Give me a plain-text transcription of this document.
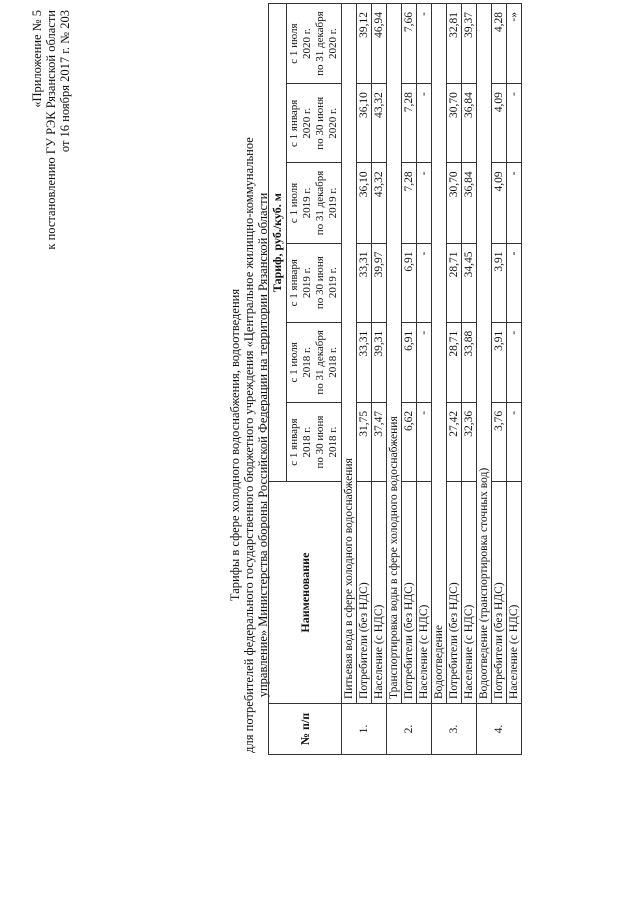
«Приложение № 5 к постановлению ГУ РЭК Рязанской области от 16 ноября 2017 г. № 203
Тарифы в сфере холодного водоснабжения, водоотведения для потребителей федерального государственного бюджетного учреждения «Центральное жилищно-коммунальное управление» Министерства обороны Российской Федерации на территории Рязанской области
№ п/п	Наименование	Тариф, руб./куб. м					

		с 1 января 2018 г. по 30 июня 2018 г.	с 1 июля 2018 г. по 31 декабря 2018 г.	с 1 января 2019 г. по 30 июня 2019 г.	с 1 июля 2019 г. по 31 декабря 2019 г.	с 1 января 2020 г. по 30 июня 2020 г.	с 1 июля 2020 г. по 31 декабря 2020 г.

1.	Питьевая вода в сфере холодного водоснабжения						
	Потребители (без НДС)	31,75	33,31	33,31	36,10	36,10	39,12
	Население (с НДС)	37,47	39,31	39,97	43,32	43,32	46,94
2.	Транспортировка воды в сфере холодного водоснабжения						
	Потребители (без НДС)	6,62	6,91	6,91	7,28	7,28	7,66
	Население (с НДС)	-	-	-	-	-	-
3.	Водоотведение						
	Потребители (без НДС)	27,42	28,71	28,71	30,70	30,70	32,81
	Население (с НДС)	32,36	33,88	34,45	36,84	36,84	39,37
4.	Водоотведение (транспортировка сточных вод)						
	Потребители (без НДС)	3,76	3,91	3,91	4,09	4,09	4,28
	Население (с НДС)	-	-	-	-	-	-»
